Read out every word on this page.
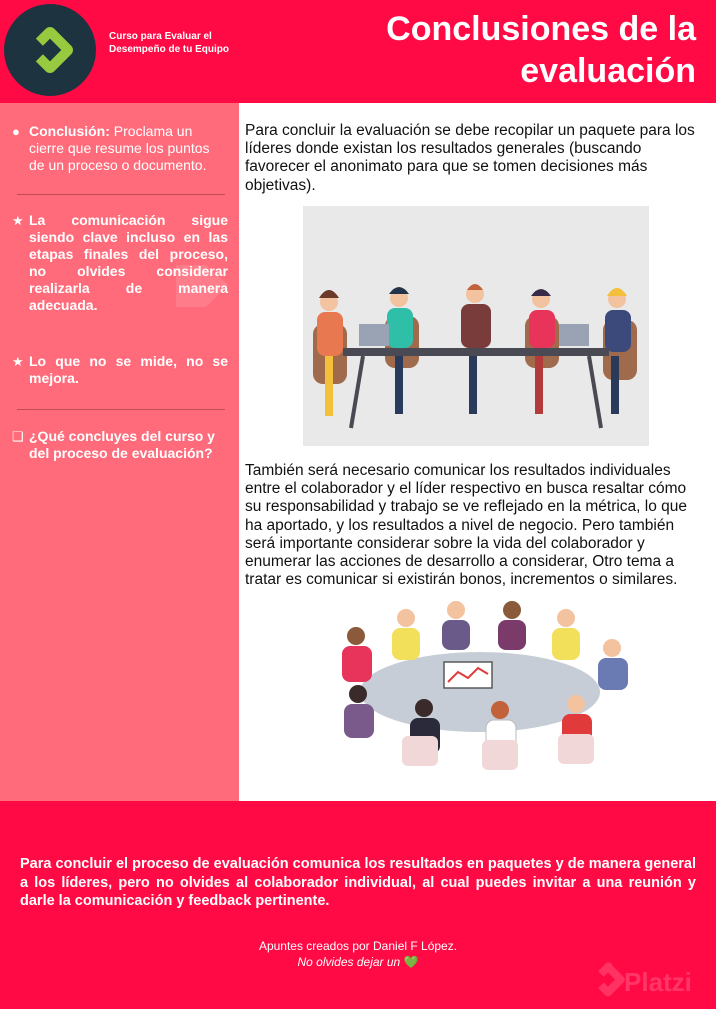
Curso para Evaluar el Desempeño de tu Equipo
Conclusiones de la evaluación
● Conclusión: Proclama un cierre que resume los puntos de un proceso o documento.
★ La comunicación sigue siendo clave incluso en las etapas finales del proceso, no olvides considerar realizarla de manera adecuada.
★ Lo que no se mide, no se mejora.
❑ ¿Qué concluyes del curso y del proceso de evaluación?
Para concluir la evaluación se debe recopilar un paquete para los líderes donde existan los resultados generales (buscando favorecer el anonimato para que se tomen decisiones más objetivas).
También será necesario comunicar los resultados individuales entre el colaborador y el líder respectivo en busca resaltar cómo su responsabilidad y trabajo se ve reflejado en la métrica, lo que ha aportado, y los resultados a nivel de negocio. Pero también será importante considerar sobre la vida del colaborador y enumerar las acciones de desarrollo a considerar, Otro tema a tratar es comunicar si existirán bonos, incrementos o similares.
Para concluir el proceso de evaluación comunica los resultados en paquetes y de manera general a los líderes, pero no olvides al colaborador individual, al cual puedes invitar a una reunión y darle la comunicación y feedback pertinente.
Apuntes creados por Daniel F López.
No olvides dejar un 💚
Platzi
